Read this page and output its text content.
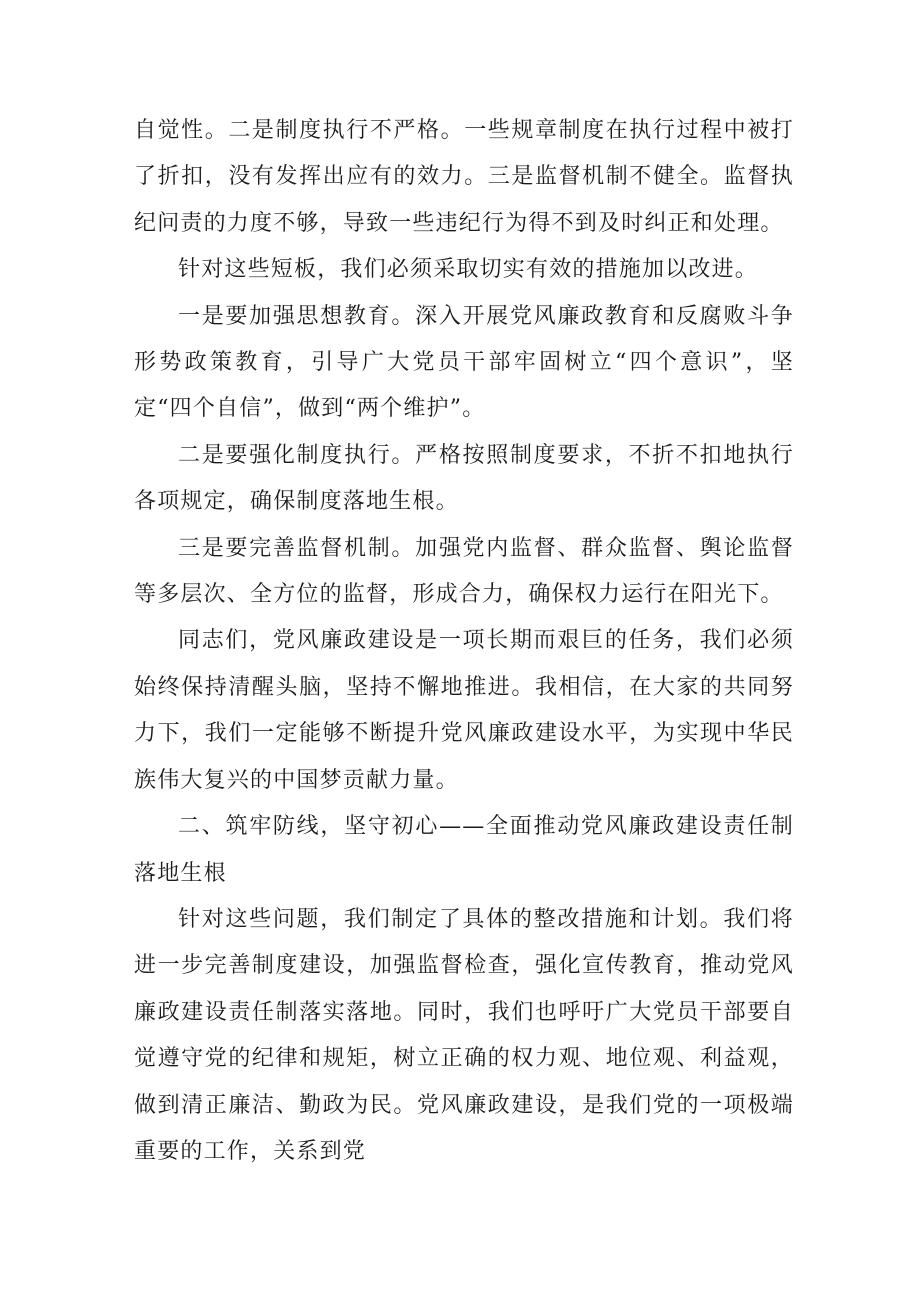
自觉性。二是制度执行不严格。一些规章制度在执行过程中被打了折扣，没有发挥出应有的效力。三是监督机制不健全。监督执纪问责的力度不够，导致一些违纪行为得不到及时纠正和处理。

针对这些短板，我们必须采取切实有效的措施加以改进。

一是要加强思想教育。深入开展党风廉政教育和反腐败斗争形势政策教育，引导广大党员干部牢固树立“四个意识”，坚定“四个自信”，做到“两个维护”。

二是要强化制度执行。严格按照制度要求，不折不扣地执行各项规定，确保制度落地生根。

三是要完善监督机制。加强党内监督、群众监督、舆论监督等多层次、全方位的监督，形成合力，确保权力运行在阳光下。

同志们，党风廉政建设是一项长期而艰巨的任务，我们必须始终保持清醒头脑，坚持不懈地推进。我相信，在大家的共同努力下，我们一定能够不断提升党风廉政建设水平，为实现中华民族伟大复兴的中国梦贡献力量。

二、筑牢防线，坚守初心——全面推动党风廉政建设责任制落地生根

针对这些问题，我们制定了具体的整改措施和计划。我们将进一步完善制度建设，加强监督检查，强化宣传教育，推动党风廉政建设责任制落实落地。同时，我们也呼吁广大党员干部要自觉遵守党的纪律和规矩，树立正确的权力观、地位观、利益观，做到清正廉洁、勤政为民。党风廉政建设，是我们党的一项极端重要的工作，关系到党
